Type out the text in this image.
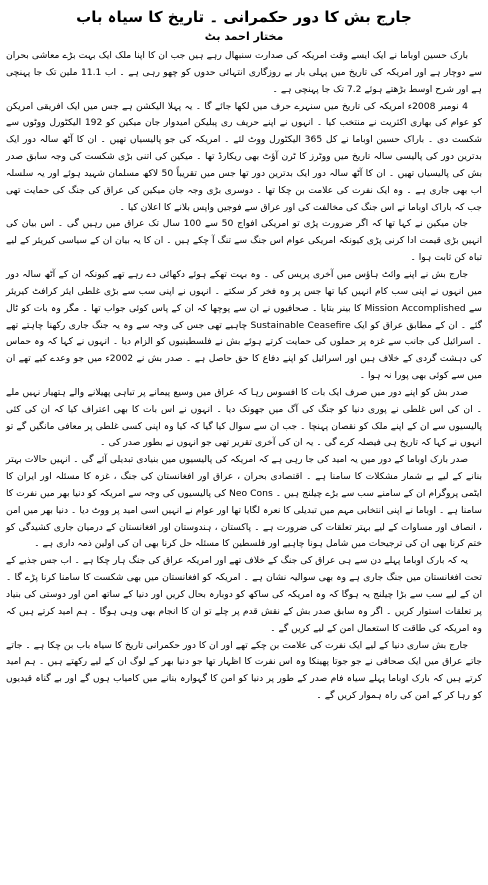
جارج بش کا دور حکمرانی ۔ تاریخ کا سیاہ باب
مختار احمد بٹ

بارک حسین اوباما نے ایک ایسے وقت امریکہ کی صدارت سنبھال رہے ہیں جب ان کا اپنا ملک ایک بہت بڑے معاشی بحران سے دوچار ہے اور امریکہ کی تاریخ میں پہلی بار بے روزگاری انتہائی حدوں کو چھو رہی ہے ۔ اب 11.1 ملین تک جا پہنچی ہے اور شرح اوسط بڑھتے ہوئے 7.2 تک جا پہنچی ہے ۔

4 نومبر 2008ء امریکہ کی تاریخ میں سنہرے حرف میں لکھا جائے گا ۔ یہ پہلا الیکشن ہے جس میں ایک افریقی امریکن کو عوام کی بھاری اکثریت نے منتخب کیا ۔ انہوں نے اپنے حریف ری پبلیکن امیدوار جان میکین کو 192 الیکٹورل ووٹوں سے شکست دی ۔ باراک حسین اوباما نے کل 365 الیکٹورل ووٹ لئے ۔ امریکہ کی جو پالیسیاں تھیں ۔ ان کا آٹھ سالہ دور ایک بدترین دور کی پالیسی سالہ تاریخ میں ووٹرز کا ٹرن آؤٹ بھی ریکارڈ تھا ۔ میکین کی اتنی بڑی شکست کی وجہ سابق صدر بش کی پالیسیاں تھیں ۔ ان کا آٹھ سالہ دور ایک بدترین دور تھا جس میں تقریباً 50 لاکھ مسلمان شہید ہوئے اور یہ سلسلہ اب بھی جاری ہے ۔ وہ ایک نفرت کی علامت بن چکا تھا ۔ دوسری بڑی وجہ جان میکین کی عراق کی جنگ کی حمایت تھی جب کہ باراک اوباما نے اس جنگ کی مخالفت کی اور عراق سے فوجیں واپس بلانے کا اعلان کیا ۔

جان میکین نے کہا تھا کہ اگر ضرورت پڑی تو امریکی افواج 50 سے 100 سال تک عراق میں رہیں گی ۔ اس بیان کی انہیں بڑی قیمت ادا کرنی پڑی کیونکہ امریکی عوام اس جنگ سے تنگ آ چکے ہیں ۔ ان کا یہ بیان ان کے سیاسی کیریئر کے لیے تباہ کن ثابت ہوا ۔

جارج بش نے اپنے وائٹ ہاؤس میں آخری پریس کی ۔ وہ بہت تھکے ہوئے دکھائی دے رہے تھے کیونکہ ان کے آٹھ سالہ دور میں انہوں نے اپنی سب کام انہیں کیا تھا جس پر وہ فخر کر سکتے ۔ انہوں نے اپنی سب سے بڑی غلطی ایئر کرافٹ کیریئر سے Mission Accomplished کا بینر بتایا ۔ صحافیوں نے ان سے پوچھا کہ ان کے پاس کوئی جواب تھا ۔ مگر وہ بات کو ٹال گئے ۔ ان کے مطابق عراق کو ایک Sustainable Ceasefire چاہیے تھی جس کی وجہ سے وہ یہ جنگ جاری رکھنا چاہتے تھے ۔ اسرائیل کی جانب سے غزہ پر حملوں کی حمایت کرتے ہوئے بش نے فلسطینیوں کو الزام دیا ۔ انہوں نے کہا کہ وہ حماس کی دہشت گردی کے خلاف ہیں اور اسرائیل کو اپنے دفاع کا حق حاصل ہے ۔ صدر بش نے 2002ء میں جو وعدے کیے تھے ان میں سے کوئی بھی پورا نہ ہوا ۔

صدر بش کو اپنے دور میں صرف ایک بات کا افسوس رہا کہ عراق میں وسیع پیمانے پر تباہی پھیلانے والے ہتھیار نہیں ملے ۔ ان کی اس غلطی نے پوری دنیا کو جنگ کی آگ میں جھونک دیا ۔ انہوں نے اس بات کا بھی اعتراف کیا کہ ان کی کئی پالیسیوں سے ان کے اپنے ملک کو نقصان پہنچا ۔ جب ان سے سوال کیا گیا کہ کیا وہ اپنی کسی غلطی پر معافی مانگیں گے تو انہوں نے کہا کہ تاریخ ہی فیصلہ کرے گی ۔ یہ ان کی آخری تقریر تھی جو انہوں نے بطور صدر کی ۔

صدر بارک اوباما کے دور میں یہ امید کی جا رہی ہے کہ امریکہ کی پالیسیوں میں بنیادی تبدیلی آئے گی ۔ انہیں حالات بہتر بنانے کے لیے بے شمار مشکلات کا سامنا ہے ۔ اقتصادی بحران ، عراق اور افغانستان کی جنگ ، غزہ کا مسئلہ اور ایران کا ایٹمی پروگرام ان کے سامنے سب سے بڑے چیلنج ہیں ۔ Neo Cons کی پالیسیوں کی وجہ سے امریکہ کو دنیا بھر میں نفرت کا سامنا ہے ۔ اوباما نے اپنی انتخابی مہم میں تبدیلی کا نعرہ لگایا تھا اور عوام نے انہیں اسی امید پر ووٹ دیا ۔ دنیا بھر میں امن ، انصاف اور مساوات کے لیے بہتر تعلقات کی ضرورت ہے ۔ پاکستان ، ہندوستان اور افغانستان کے درمیان جاری کشیدگی کو ختم کرنا بھی ان کی ترجیحات میں شامل ہونا چاہیے اور فلسطین کا مسئلہ حل کرنا بھی ان کی اولین ذمہ داری ہے ۔

یہ کہ بارک اوباما پہلے دن سے ہی عراق کی جنگ کے خلاف تھے اور امریکہ عراق کی جنگ ہار چکا ہے ۔ اب جس جذبے کے تحت افغانستان میں جنگ جاری ہے وہ بھی سوالیہ نشان ہے ۔ امریکہ کو افغانستان میں بھی شکست کا سامنا کرنا پڑے گا ۔ ان کے لیے سب سے بڑا چیلنج یہ ہوگا کہ وہ امریکہ کی ساکھ کو دوبارہ بحال کریں اور دنیا کے ساتھ امن اور دوستی کی بنیاد پر تعلقات استوار کریں ۔ اگر وہ سابق صدر بش کے نقش قدم پر چلے تو ان کا انجام بھی وہی ہوگا ۔ ہم امید کرتے ہیں کہ وہ امریکہ کی طاقت کا استعمال امن کے لیے کریں گے ۔

جارج بش ساری دنیا کے لیے ایک نفرت کی علامت بن چکے تھے اور ان کا دور حکمرانی تاریخ کا سیاہ باب بن چکا ہے ۔ جاتے جاتے عراق میں ایک صحافی نے جو جوتا پھینکا وہ اس نفرت کا اظہار تھا جو دنیا بھر کے لوگ ان کے لیے رکھتے ہیں ۔ ہم امید کرتے ہیں کہ بارک اوباما پہلے سیاہ فام صدر کے طور پر دنیا کو امن کا گہوارہ بنانے میں کامیاب ہوں گے اور بے گناہ قیدیوں کو رہا کر کے امن کی راہ ہموار کریں گے ۔
